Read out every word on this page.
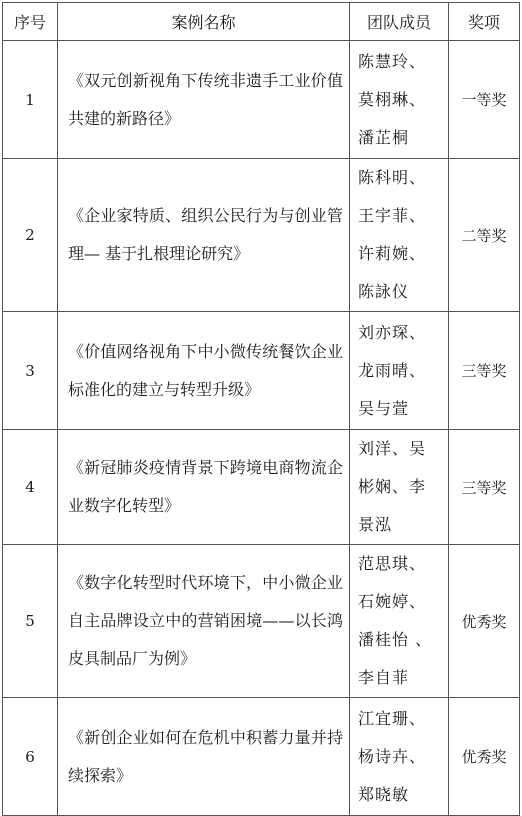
序号	案例名称	团队成员	奖项
1	《双元创新视角下传统非遗手工业价值共建的新路径》	陈慧玲、莫栩琳、潘芷桐	一等奖
2	《企业家特质、组织公民行为与创业管理— 基于扎根理论研究》	陈科明、王宇菲、许莉婉、陈詠仪	二等奖
3	《价值网络视角下中小微传统餐饮企业标准化的建立与转型升级》	刘亦琛、龙雨晴、吴与萱	三等奖
4	《新冠肺炎疫情背景下跨境电商物流企业数字化转型》	刘洋、吴彬娴、李景泓	三等奖
5	《数字化转型时代环境下，中小微企业自主品牌设立中的营销困境——以长鸿皮具制品厂为例》	范思琪、石婉婷、潘桂怡 、李自菲	优秀奖
6	《新创企业如何在危机中积蓄力量并持续探索》	江宜珊、杨诗卉、郑晓敏	优秀奖
